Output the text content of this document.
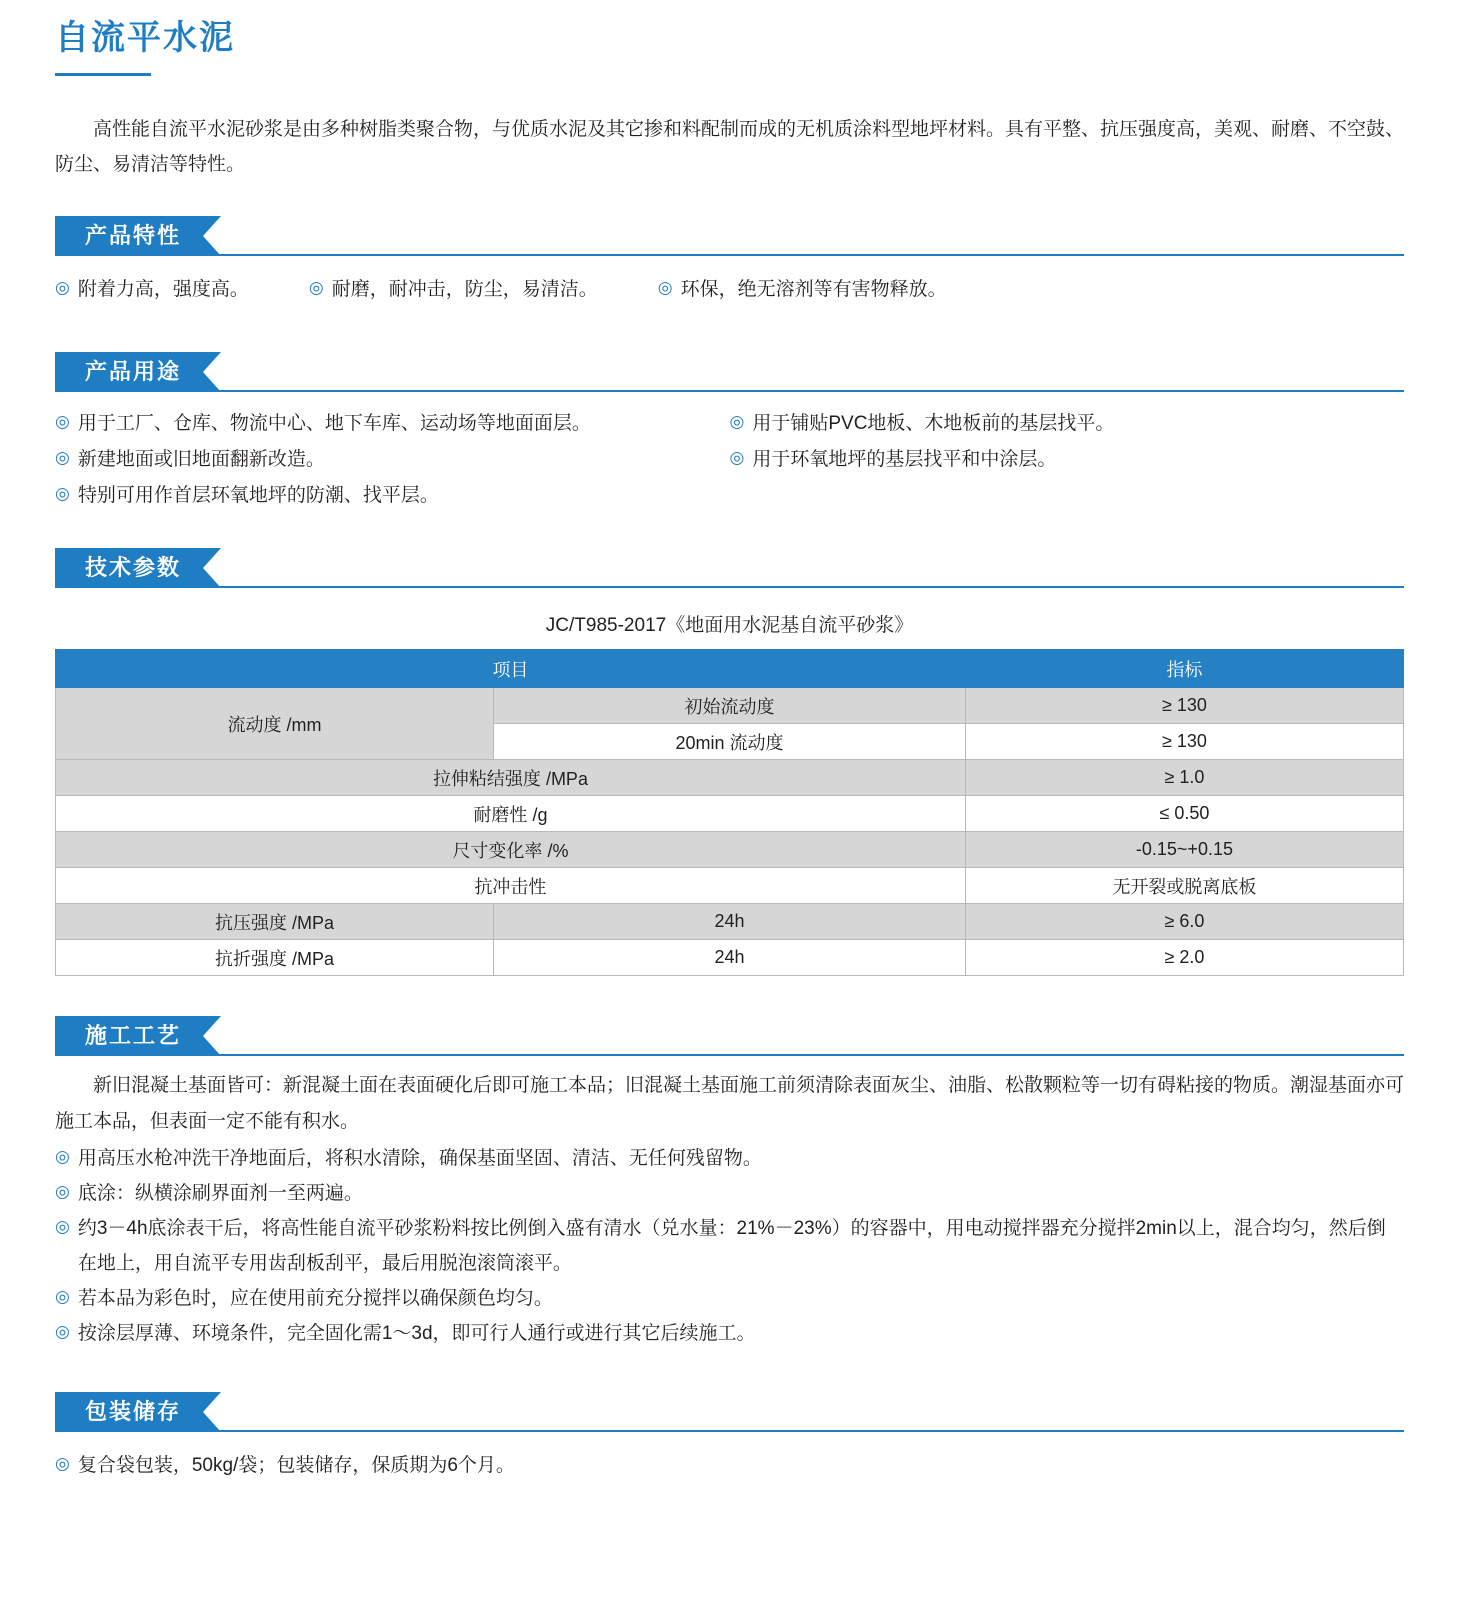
自流平水泥

高性能自流平水泥砂浆是由多种树脂类聚合物，与优质水泥及其它掺和料配制而成的无机质涂料型地坪材料。具有平整、抗压强度高，美观、耐磨、不空鼓、防尘、易清洁等特性。

产品特性
◎ 附着力高，强度高。	◎ 耐磨，耐冲击，防尘，易清洁。	◎ 环保，绝无溶剂等有害物释放。
产品用途
◎ 用于工厂、仓库、物流中心、地下车库、运动场等地面面层。
◎ 新建地面或旧地面翻新改造。
◎ 特别可用作首层环氧地坪的防潮、找平层。
◎ 用于铺贴PVC地板、木地板前的基层找平。
◎ 用于环氧地坪的基层找平和中涂层。
技术参数
JC/T985-2017《地面用水泥基自流平砂浆》
项目		指标
流动度 /mm	初始流动度	≥ 130
	20min 流动度	≥ 130
拉伸粘结强度 /MPa		≥ 1.0
耐磨性 /g		≤ 0.50
尺寸变化率 /%		-0.15~+0.15
抗冲击性		无开裂或脱离底板
抗压强度 /MPa	24h	≥ 6.0
抗折强度 /MPa	24h	≥ 2.0
施工工艺

新旧混凝土基面皆可：新混凝土面在表面硬化后即可施工本品；旧混凝土基面施工前须清除表面灰尘、油脂、松散颗粒等一切有碍粘接的物质。潮湿基面亦可施工本品，但表面一定不能有积水。

◎ 用高压水枪冲洗干净地面后，将积水清除，确保基面坚固、清洁、无任何残留物。
◎ 底涂：纵横涂刷界面剂一至两遍。
◎ 约3－4h底涂表干后，将高性能自流平砂浆粉料按比例倒入盛有清水（兑水量：21%－23%）的容器中，用电动搅拌器充分搅拌2min以上，混合均匀，然后倒在地上，用自流平专用齿刮板刮平，最后用脱泡滚筒滚平。
◎ 若本品为彩色时，应在使用前充分搅拌以确保颜色均匀。
◎ 按涂层厚薄、环境条件，完全固化需1～3d，即可行人通行或进行其它后续施工。
包装储存
◎ 复合袋包装，50kg/袋；包装储存，保质期为6个月。
